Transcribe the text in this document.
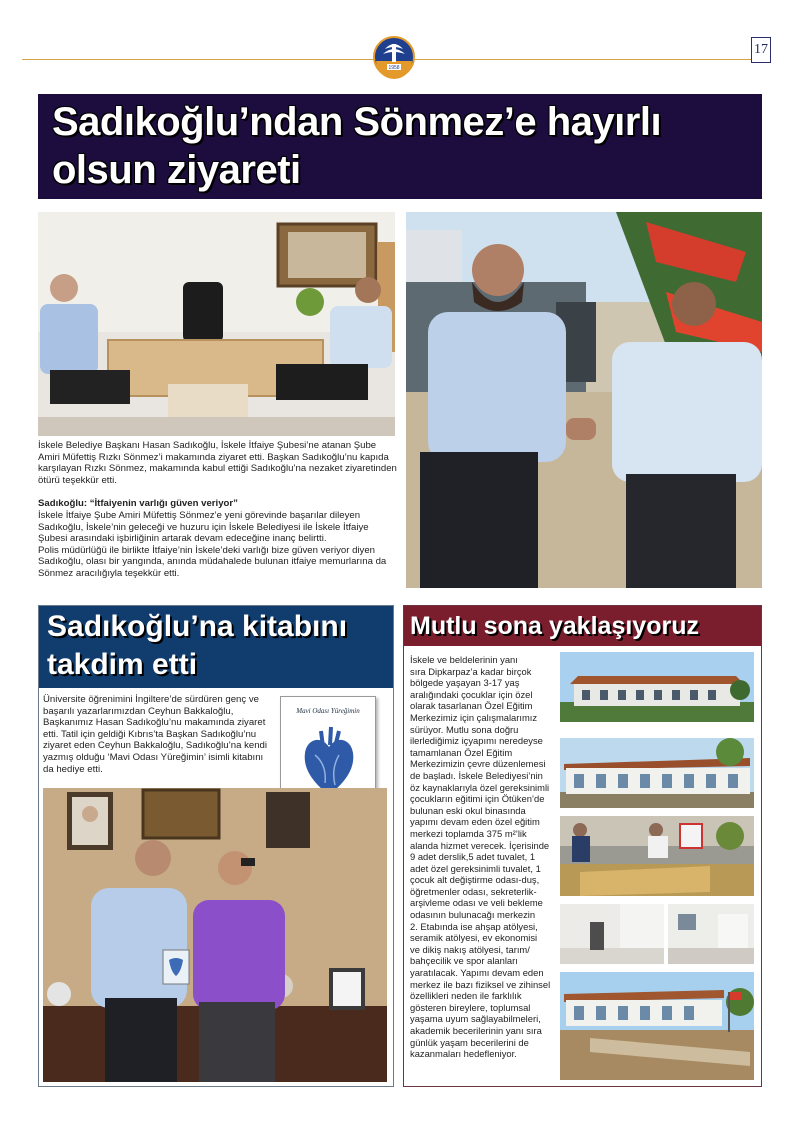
1958
17
Sadıkoğlu’ndan Sönmez’e hayırlı olsun ziyareti
İskele Belediye Başkanı Hasan Sadıkoğlu, İskele İtfaiye Şubesi’ne atanan Şube Amiri Müfettiş Rızkı Sönmez’i makamında ziyaret etti. Başkan Sadıkoğlu’nu kapıda karşılayan Rızkı Sönmez, makamında kabul ettiği Sadıkoğlu’na nezaket ziyaretinden ötürü teşekkür etti.
Sadıkoğlu: “İtfaiyenin varlığı güven veriyor”
İskele İtfaiye Şube Amiri Müfettiş Sönmez’e yeni görevinde başarılar dileyen Sadıkoğlu, İskele’nin geleceği ve huzuru için İskele Belediyesi ile İskele İtfaiye Şubesi arasındaki işbirliğinin artarak devam edeceğine inanç belirtti.
Polis müdürlüğü ile birlikte İtfaiye’nin İskele’deki varlığı bize güven veriyor diyen Sadıkoğlu, olası bir yangında, anında müdahalede bulunan itfaiye memurlarına da Sönmez aracılığıyla teşekkür etti.
Sadıkoğlu’na kitabını takdim etti
Üniversite öğrenimini İngiltere’de sürdüren genç ve başarılı yazarlarımızdan Ceyhun Bakkaloğlu, Başkanımız Hasan Sadıkoğlu’nu makamında ziyaret etti. Tatil için geldiği Kıbrıs’ta Başkan Sadıkoğlu’nu ziyaret eden Ceyhun Bakkaloğlu, Sadıkoğlu’na kendi yazmış olduğu ‘Mavi Odası Yüreğimin’ isimli kitabını da hediye etti.
Mavi Odası Yüreğimin
Mutlu sona yaklaşıyoruz
İskele ve beldelerinin yanı
sıra Dipkarpaz’a kadar birçok
bölgede yaşayan 3-17 yaş
aralığındaki çocuklar için özel
olarak tasarlanan Özel Eğitim
Merkezimiz için çalışmalarımız
sürüyor. Mutlu sona doğru
ilerlediğimiz içyapımı neredeyse
tamamlanan Özel Eğitim
Merkezimizin çevre düzenlemesi
de başladı. İskele Belediyesi’nin
öz kaynaklarıyla özel gereksinimli
çocukların eğitimi için Ötüken’de
bulunan eski okul binasında
yapımı devam eden özel eğitim
merkezi toplamda 375 m²’lik
alanda hizmet verecek. İçerisinde
9 adet derslik,5 adet tuvalet, 1
adet özel gereksinimli tuvalet, 1
çocuk alt değiştirme odası-duş,
öğretmenler odası, sekreterlik-
arşivleme odası ve veli bekleme
odasının bulunacağı merkezin
2. Etabında ise ahşap atölyesi,
seramik atölyesi, ev ekonomisi
ve dikiş nakış atölyesi, tarım/
bahçecilik ve spor alanları
yaratılacak. Yapımı devam eden
merkez ile bazı fiziksel ve zihinsel
özellikleri neden ile farklılık
gösteren bireylere, toplumsal
yaşama uyum sağlayabilmeleri,
akademik becerilerinin yanı sıra
günlük yaşam becerilerini de
kazanmaları hedefleniyor.
